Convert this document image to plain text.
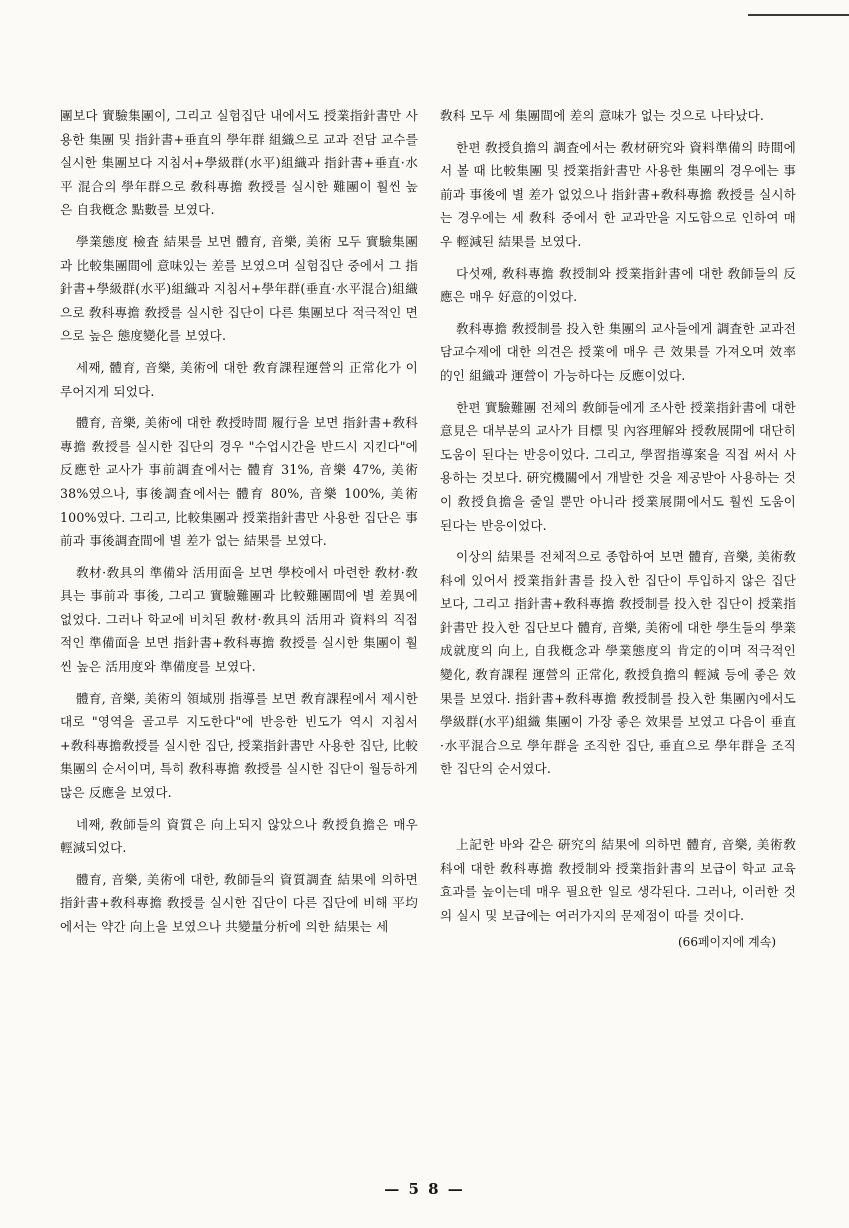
團보다 實驗集團이, 그리고 실험집단 내에서도 授業指針書만 사용한 集團 및 指針書+垂直의 學年群 組織으로 교과 전담 교수를 실시한 集團보다 지침서+學級群(水平)組織과 指針書+垂直·水平 混合의 學年群으로 敎科專擔 敎授를 실시한 難團이 훨씬 높은 自我槪念 點數를 보였다.

學業態度 檢査 結果를 보면 體育, 音樂, 美術 모두 實驗集團과 比較集團間에 意味있는 差를 보였으며 실험집단 중에서 그 指針書+學級群(水平)組織과 지침서+學年群(垂直·水平混合)組織으로 敎科專擔 敎授를 실시한 집단이 다른 集團보다 적극적인 면으로 높은 態度變化를 보였다.

세째, 體育, 音樂, 美術에 대한 敎育課程運營의 正常化가 이루어지게 되었다.

體育, 音樂, 美術에 대한 敎授時間 履行을 보면 指針書+敎科專擔 敎授를 실시한 집단의 경우 "수업시간을 반드시 지킨다"에 反應한 교사가 事前調査에서는 體育 31%, 音樂 47%, 美術 38%였으나, 事後調査에서는 體育 80%, 音樂 100%, 美術 100%였다. 그리고, 比較集團과 授業指針書만 사용한 집단은 事前과 事後調査間에 별 差가 없는 結果를 보였다.

敎材·敎具의 準備와 活用面을 보면 學校에서 마련한 敎材·敎具는 事前과 事後, 그리고 實驗難團과 比較難團間에 별 差異에 없었다. 그러나 학교에 비치된 敎材·敎具의 活用과 資料의 직접적인 準備面을 보면 指針書+敎科專擔 敎授를 실시한 集團이 훨씬 높은 活用度와 準備度를 보였다.

體育, 音樂, 美術의 領域別 指導를 보면 敎育課程에서 제시한 대로 "영역을 골고루 지도한다"에 반응한 빈도가 역시 지침서+敎科專擔敎授를 실시한 집단, 授業指針書만 사용한 집단, 比較集團의 순서이며, 특히 敎科專擔 敎授를 실시한 집단이 월등하게 많은 反應을 보였다.

네째, 敎師들의 資質은 向上되지 않았으나 敎授負擔은 매우 輕減되었다.

體育, 音樂, 美術에 대한, 敎師들의 資質調査 結果에 의하면 指針書+敎科專擔 敎授를 실시한 집단이 다른 집단에 비해 平均에서는 약간 向上을 보였으나 共變量分析에 의한 結果는 세

敎科 모두 세 集團間에 差의 意味가 없는 것으로 나타났다.

한편 敎授負擔의 調査에서는 敎材硏究와 資料準備의 時間에서 볼 때 比較集團 및 授業指針書만 사용한 集團의 경우에는 事前과 事後에 별 差가 없었으나 指針書+敎科專擔 敎授를 실시하는 경우에는 세 敎科 중에서 한 교과만을 지도함으로 인하여 매우 輕減된 結果를 보였다.

다섯째, 敎科專擔 敎授制와 授業指針書에 대한 敎師들의 反應은 매우 好意的이었다.

敎科專擔 敎授制를 投入한 集團의 교사들에게 調査한 교과전담교수제에 대한 의견은 授業에 매우 큰 效果를 가져오며 效率的인 組織과 運營이 가능하다는 反應이었다.

한편 實驗難團 전체의 敎師들에게 조사한 授業指針書에 대한 意見은 대부분의 교사가 目標 및 內容理解와 授敎展開에 대단히 도움이 된다는 반응이었다. 그리고, 學習指導案을 직접 써서 사용하는 것보다. 硏究機關에서 개발한 것을 제공받아 사용하는 것이 敎授負擔을 줄일 뿐만 아니라 授業展開에서도 훨씬 도움이 된다는 반응이었다.

이상의 結果를 전체적으로 종합하여 보면 體育, 音樂, 美術敎科에 있어서 授業指針書를 投入한 집단이 투입하지 않은 집단 보다, 그리고 指針書+敎科專擔 敎授制를 投入한 집단이 授業指針書만 投入한 집단보다 體育, 音樂, 美術에 대한 學生들의 學業成就度의 向上, 自我槪念과 學業態度의 肯定的이며 적극적인 變化, 敎育課程 運營의 正常化, 敎授負擔의 輕減 등에 좋은 效果를 보였다. 指針書+敎科專擔 敎授制를 投入한 集團內에서도 學級群(水平)組織 集團이 가장 좋은 效果를 보였고 다음이 垂直·水平混合으로 學年群을 조직한 집단, 垂直으로 學年群을 조직한 집단의 순서였다.

上記한 바와 같은 硏究의 結果에 의하면 體育, 音樂, 美術敎科에 대한 敎科專擔 敎授制와 授業指針書의 보급이 학교 교육 효과를 높이는데 매우 필요한 일로 생각된다. 그러나, 이러한 것의 실시 및 보급에는 여러가지의 문제점이 따를 것이다.

(66페이지에 계속)
— 5 8 —
